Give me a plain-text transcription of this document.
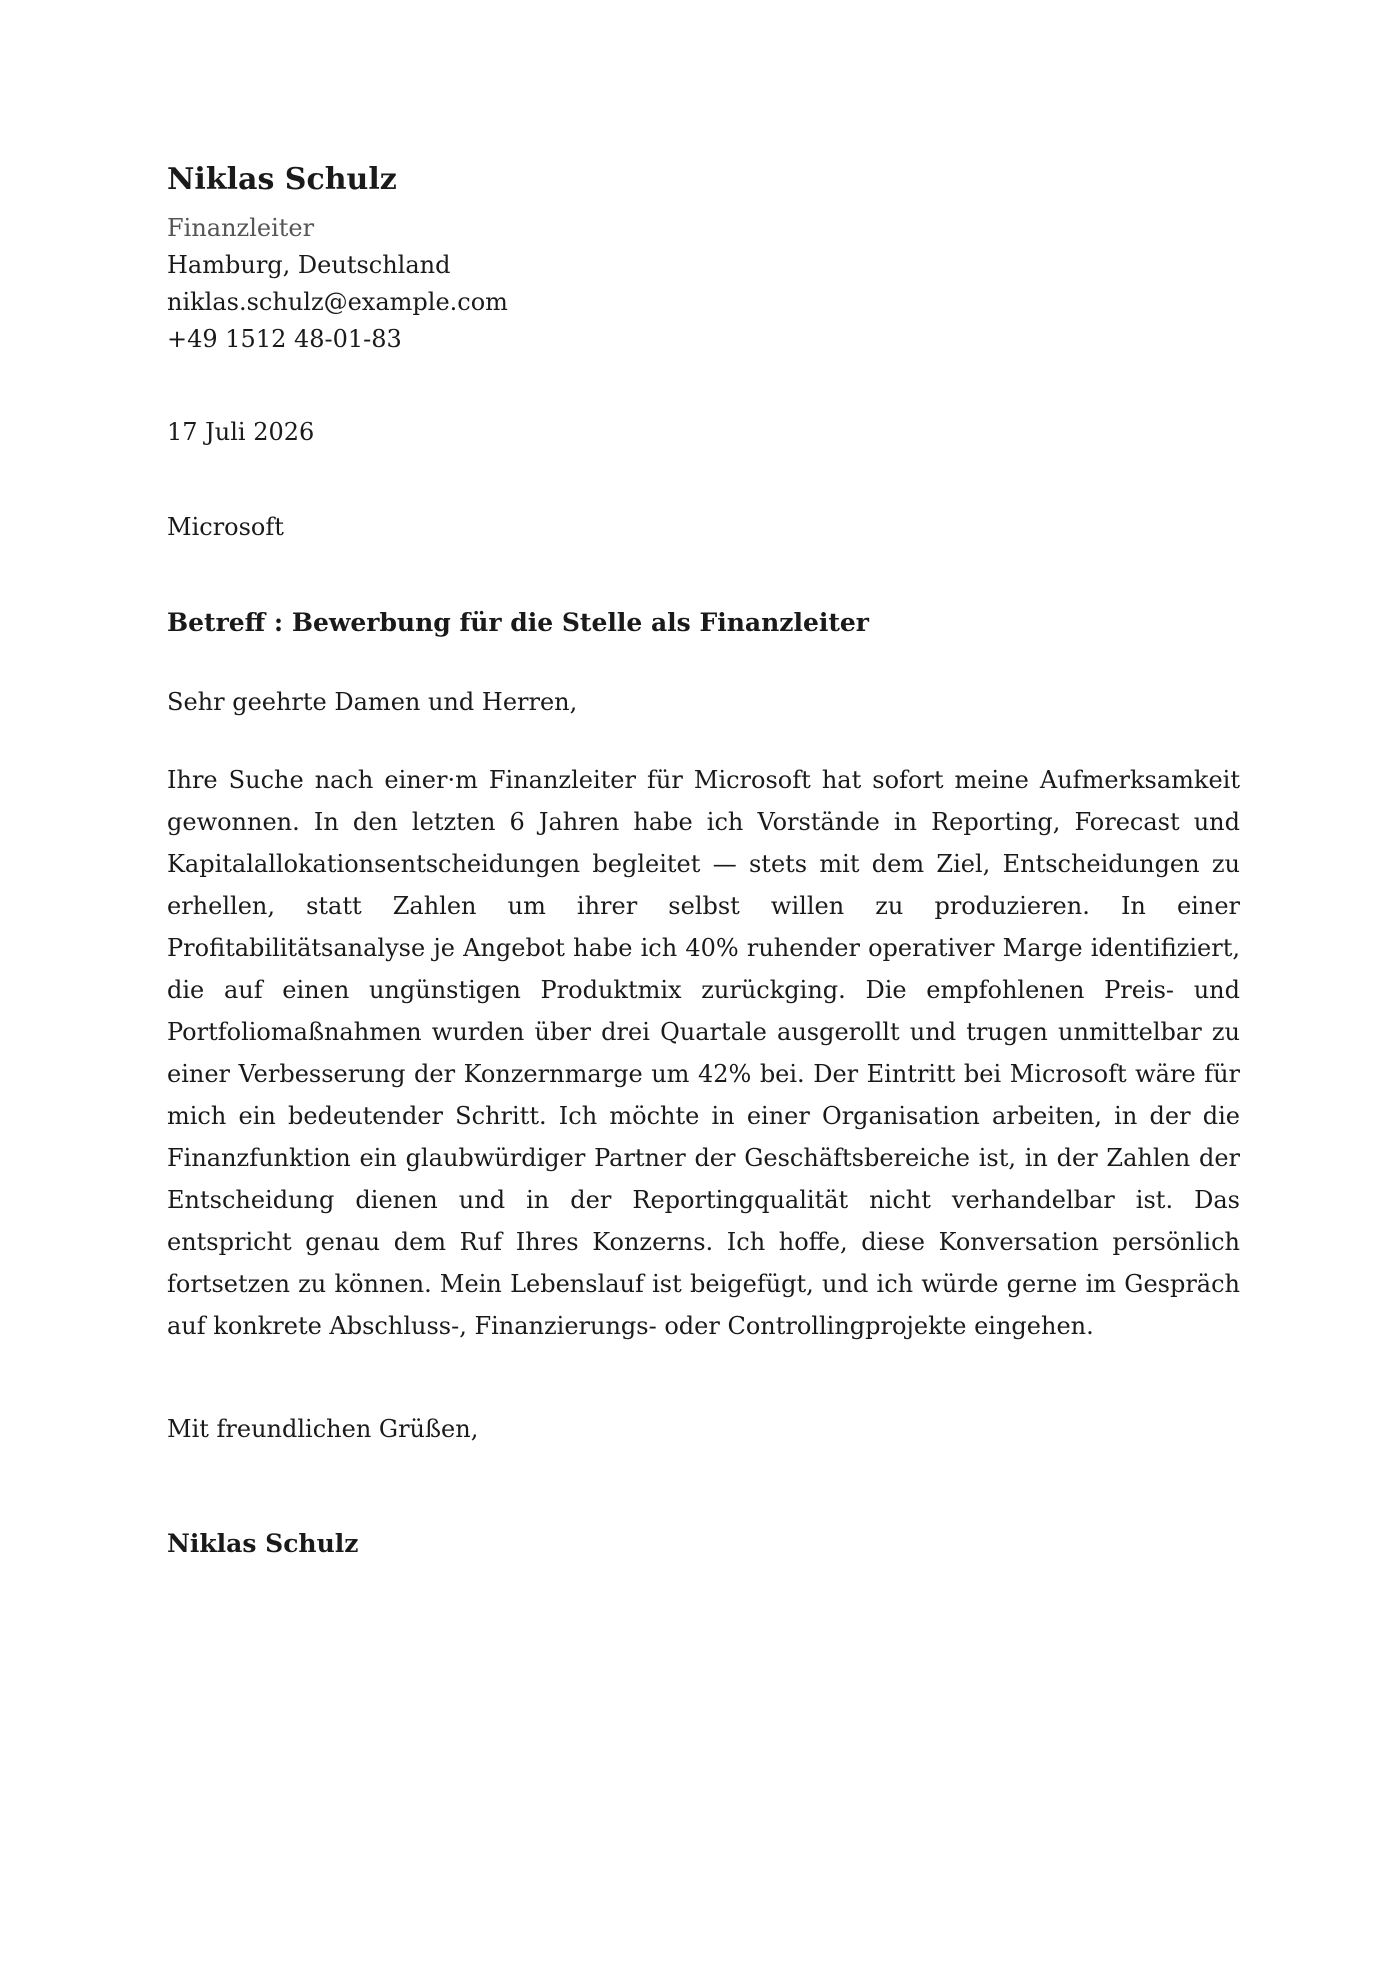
Niklas Schulz

Finanzleiter

Hamburg, Deutschland

niklas.schulz@example.com

+49 1512 48-01-83

17 Juli 2026

Microsoft

Betreff : Bewerbung für die Stelle als Finanzleiter

Sehr geehrte Damen und Herren,

Ihre Suche nach einer·m Finanzleiter für Microsoft hat sofort meine Aufmerksamkeit gewonnen. In den letzten 6 Jahren habe ich Vorstände in Reporting, Forecast und Kapitalallokationsentscheidungen begleitet — stets mit dem Ziel, Entscheidungen zu erhellen, statt Zahlen um ihrer selbst willen zu produzieren. In einer Profitabilitätsanalyse je Angebot habe ich 40% ruhender operativer Marge identifiziert, die auf einen ungünstigen Produktmix zurückging. Die empfohlenen Preis- und Portfoliomaßnahmen wurden über drei Quartale ausgerollt und trugen unmittelbar zu einer Verbesserung der Konzernmarge um 42% bei. Der Eintritt bei Microsoft wäre für mich ein bedeutender Schritt. Ich möchte in einer Organisation arbeiten, in der die Finanzfunktion ein glaubwürdiger Partner der Geschäftsbereiche ist, in der Zahlen der Entscheidung dienen und in der Reportingqualität nicht verhandelbar ist. Das entspricht genau dem Ruf Ihres Konzerns. Ich hoffe, diese Konversation persönlich fortsetzen zu können. Mein Lebenslauf ist beigefügt, und ich würde gerne im Gespräch auf konkrete Abschluss-, Finanzierungs- oder Controllingprojekte eingehen.

Mit freundlichen Grüßen,

Niklas Schulz
